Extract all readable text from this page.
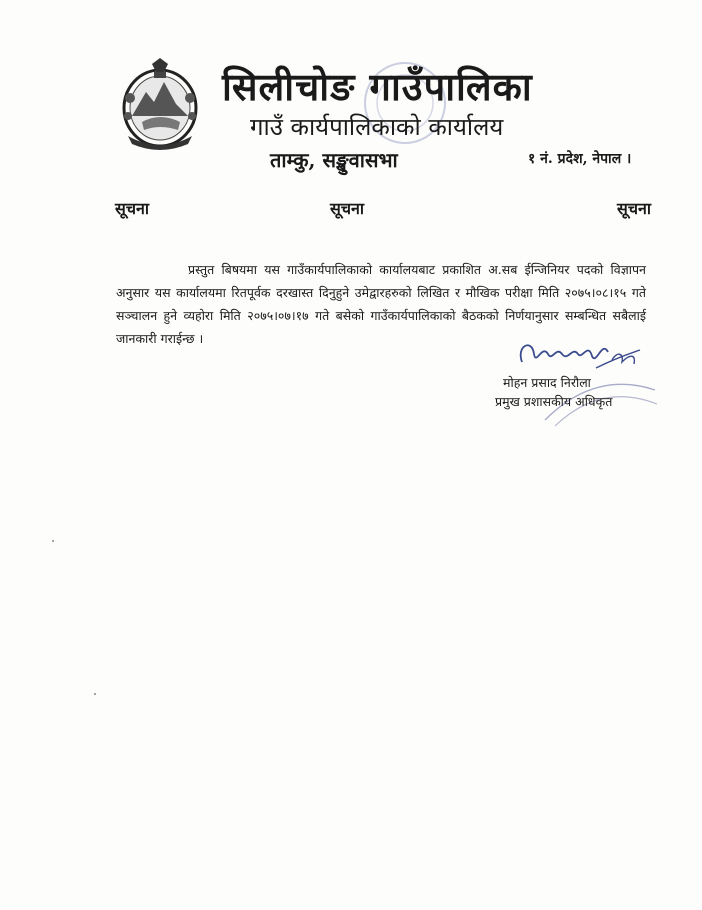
सिलीचोङ गाउँपालिका
गाउँ कार्यपालिकाको कार्यालय
ताम्कु, सङ्खुवासभा	१ नं. प्रदेश, नेपाल ।
सूचना	सूचना	सूचना
प्रस्तुत बिषयमा यस गाउँकार्यपालिकाको कार्यालयबाट प्रकाशित अ.सब ईन्जिनियर पदको विज्ञापन अनुसार यस कार्यालयमा रितपूर्वक दरखास्त दिनुहुने उमेद्वारहरुको लिखित र मौखिक परीक्षा मिति २०७५।०८।१५ गते सञ्चालन हुने व्यहोरा मिति २०७५।०७।१७ गते बसेको गाउँकार्यपालिकाको बैठकको निर्णयानुसार सम्बन्धित सबैलाई जानकारी गराईन्छ ।
मोहन प्रसाद निरौला
प्रमुख प्रशासकीय अधिकृत
